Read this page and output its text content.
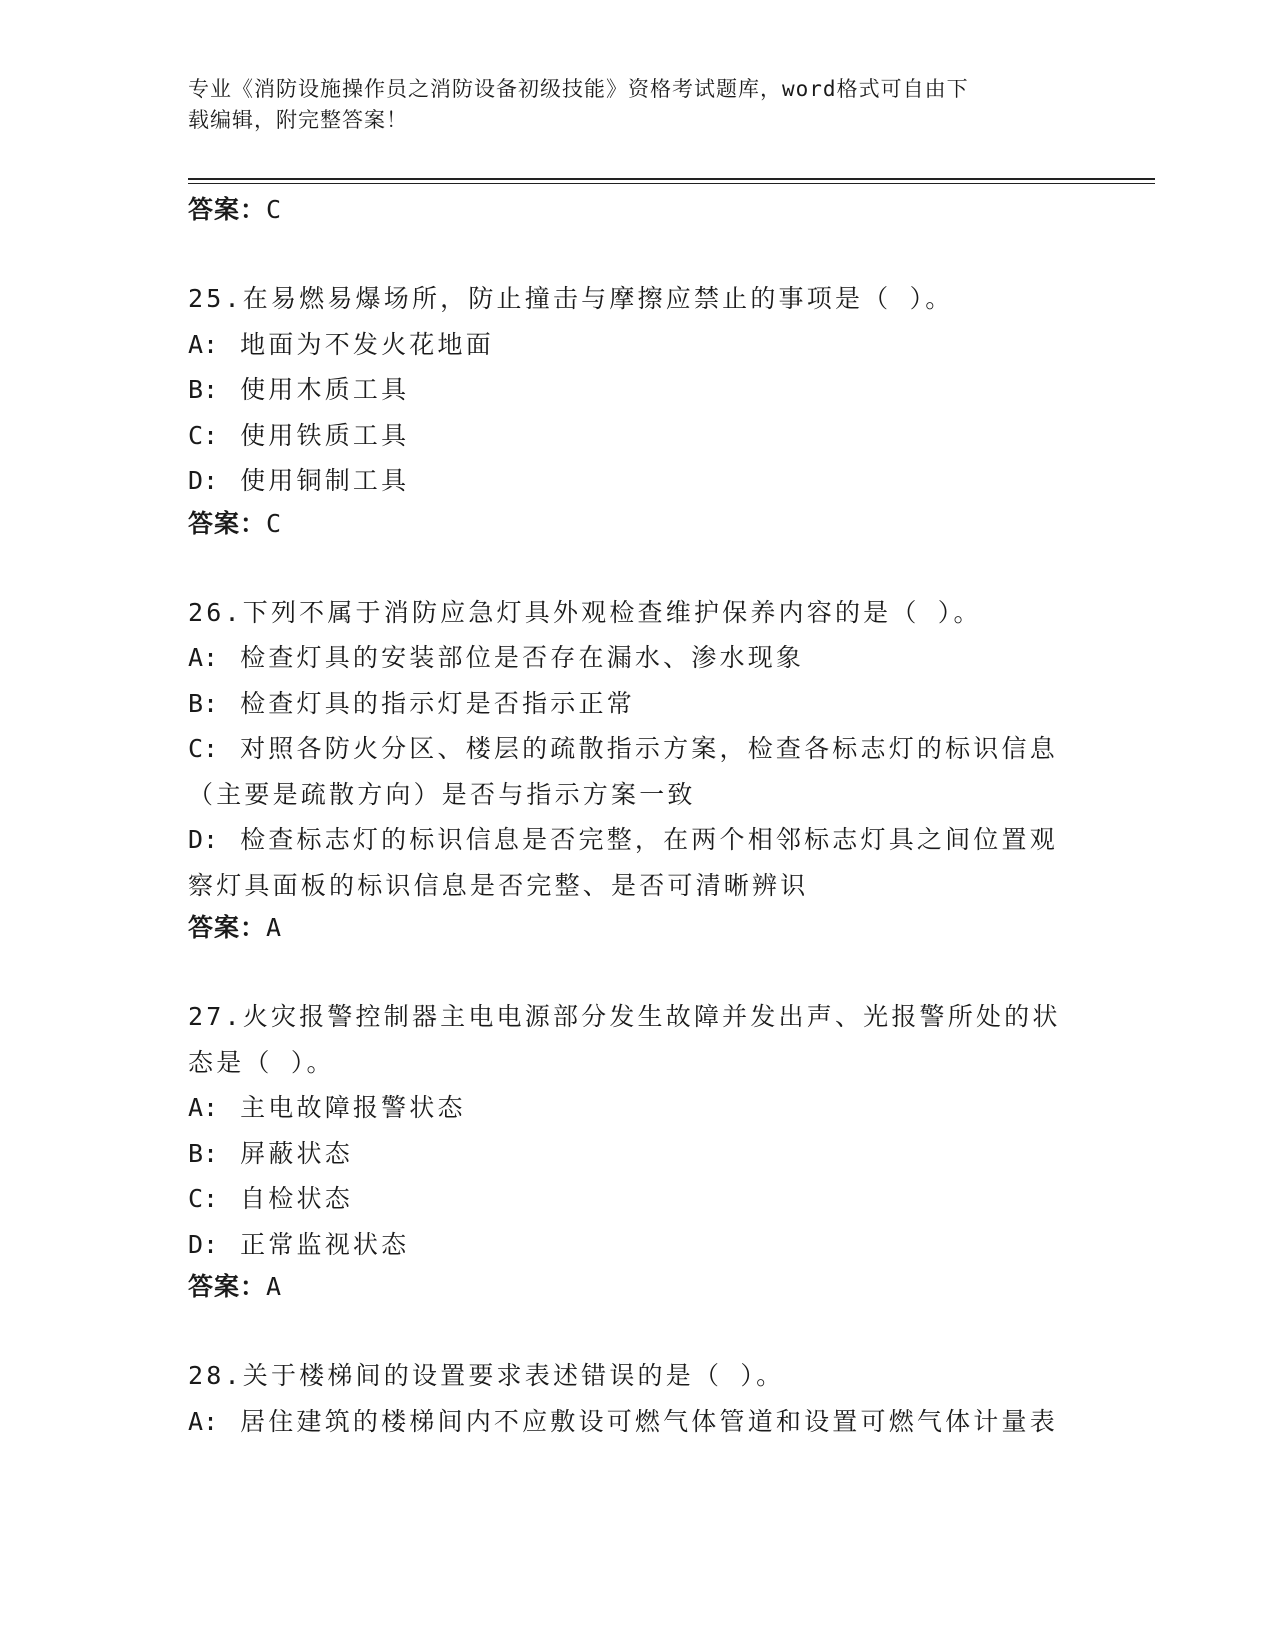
专业《消防设施操作员之消防设备初级技能》资格考试题库，word格式可自由下
载编辑，附完整答案！
答案：C

25.在易燃易爆场所，防止撞击与摩擦应禁止的事项是（ ）。

A: 地面为不发火花地面

B: 使用木质工具

C: 使用铁质工具

D: 使用铜制工具

答案：C

26.下列不属于消防应急灯具外观检查维护保养内容的是（ ）。

A: 检查灯具的安装部位是否存在漏水、渗水现象

B: 检查灯具的指示灯是否指示正常

C: 对照各防火分区、楼层的疏散指示方案，检查各标志灯的标识信息

（主要是疏散方向）是否与指示方案一致

D: 检查标志灯的标识信息是否完整，在两个相邻标志灯具之间位置观

察灯具面板的标识信息是否完整、是否可清晰辨识

答案：A

27.火灾报警控制器主电电源部分发生故障并发出声、光报警所处的状

态是（ ）。

A: 主电故障报警状态

B: 屏蔽状态

C: 自检状态

D: 正常监视状态

答案：A

28.关于楼梯间的设置要求表述错误的是（ ）。

A: 居住建筑的楼梯间内不应敷设可燃气体管道和设置可燃气体计量表
